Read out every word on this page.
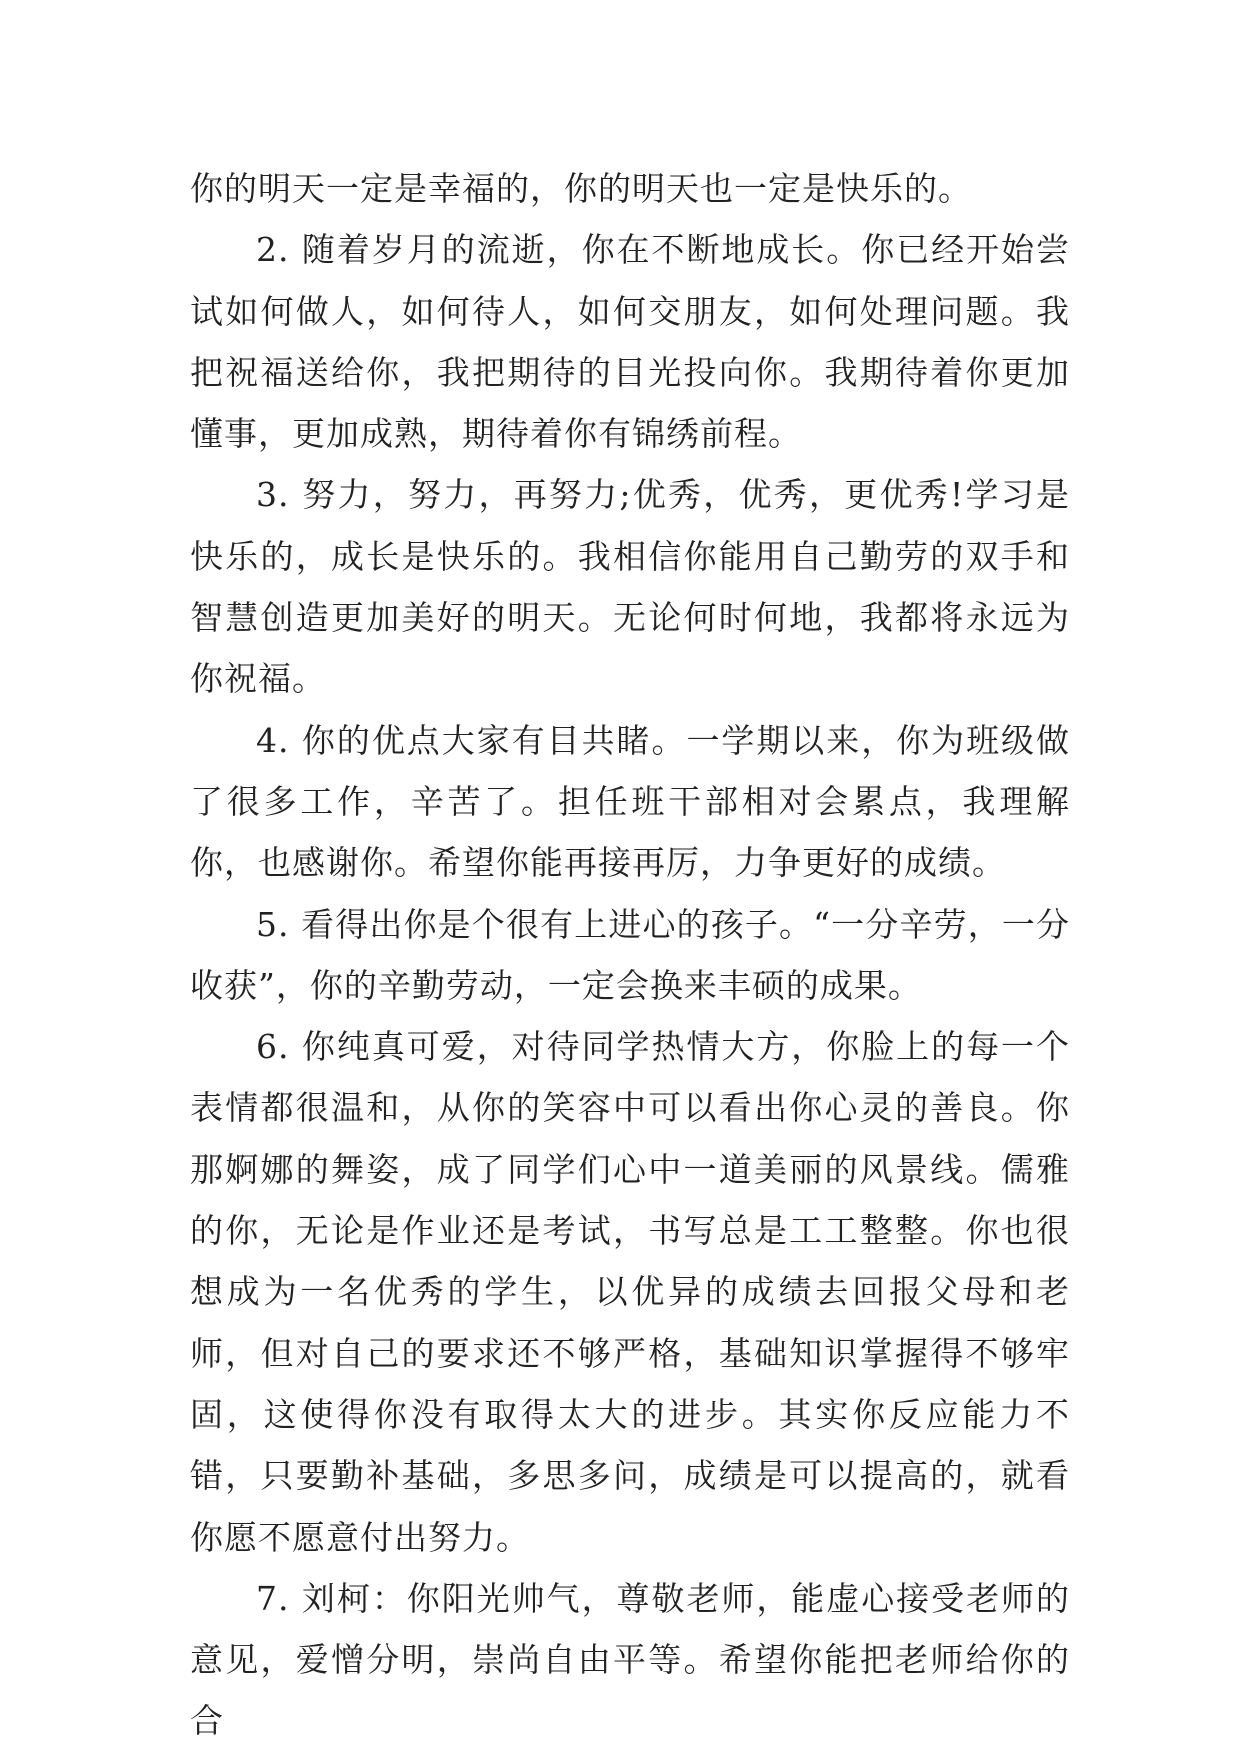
你的明天一定是幸福的，你的明天也一定是快乐的。

2. 随着岁月的流逝，你在不断地成长。你已经开始尝试如何做人，如何待人，如何交朋友，如何处理问题。我把祝福送给你，我把期待的目光投向你。我期待着你更加懂事，更加成熟，期待着你有锦绣前程。

3. 努力，努力，再努力;优秀，优秀，更优秀!学习是快乐的，成长是快乐的。我相信你能用自己勤劳的双手和智慧创造更加美好的明天。无论何时何地，我都将永远为你祝福。

4. 你的优点大家有目共睹。一学期以来，你为班级做了很多工作，辛苦了。担任班干部相对会累点，我理解你，也感谢你。希望你能再接再厉，力争更好的成绩。

5. 看得出你是个很有上进心的孩子。“一分辛劳，一分收获”，你的辛勤劳动，一定会换来丰硕的成果。

6. 你纯真可爱，对待同学热情大方，你脸上的每一个表情都很温和，从你的笑容中可以看出你心灵的善良。你那婀娜的舞姿，成了同学们心中一道美丽的风景线。儒雅的你，无论是作业还是考试，书写总是工工整整。你也很想成为一名优秀的学生，以优异的成绩去回报父母和老师，但对自己的要求还不够严格，基础知识掌握得不够牢固，这使得你没有取得太大的进步。其实你反应能力不错，只要勤补基础，多思多问，成绩是可以提高的，就看你愿不愿意付出努力。

7. 刘柯：你阳光帅气，尊敬老师，能虚心接受老师的意见，爱憎分明，崇尚自由平等。希望你能把老师给你的合
